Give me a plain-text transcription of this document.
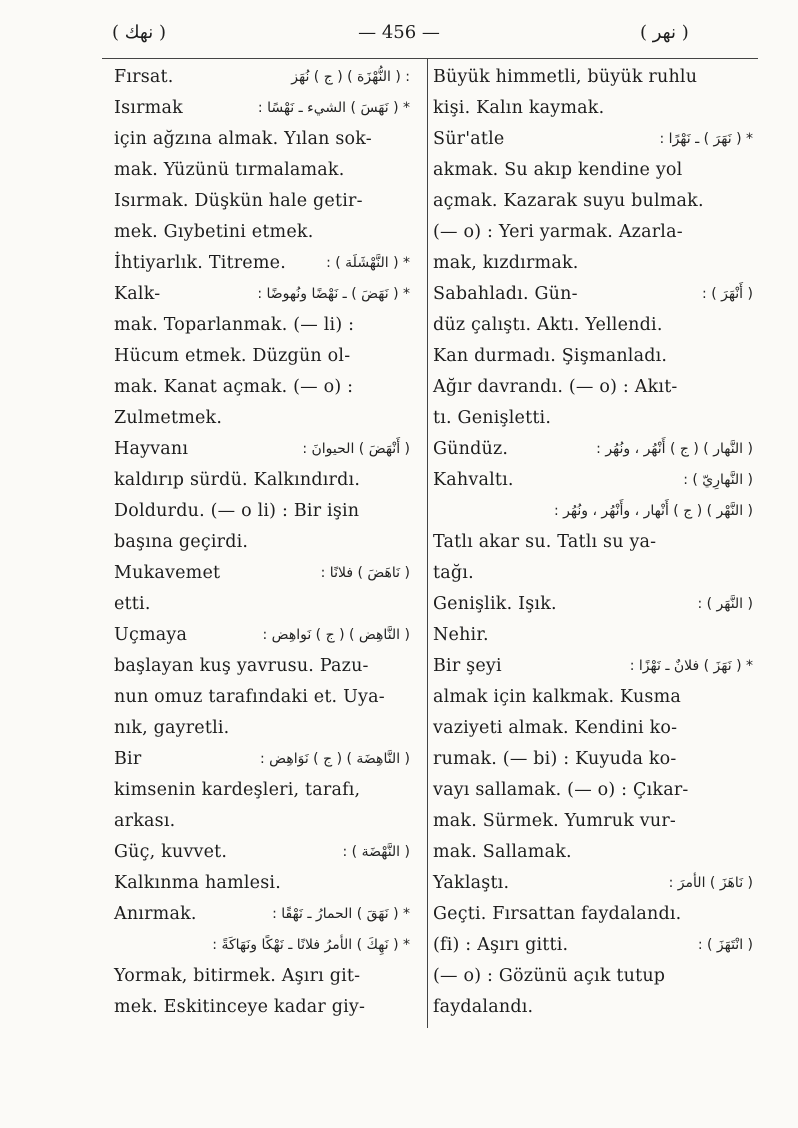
( نهك )	— 456 —	( نهر )
Fırsat.	: ( النُّهْزَة ) ( ج ) نُهَز
Isırmak	* ( نَهَسَ ) الشيء ـ نَهْسًا :
için ağzına almak. Yılan sok-
mak. Yüzünü tırmalamak.
Isırmak. Düşkün hale getir-
mek. Gıybetini etmek.
İhtiyarlık. Titreme.	* ( النَّهْشَلَة ) :
Kalk-	* ( نَهَضَ ) ـ نَهْضًا ونُهوضًا :
mak. Toparlanmak. (— li) :
Hücum etmek. Düzgün ol-
mak. Kanat açmak. (— o) :
Zulmetmek.
Hayvanı	( أَنْهَضَ ) الحيوانَ :
kaldırıp sürdü. Kalkındırdı.
Doldurdu. (— o li) : Bir işin
başına geçirdi.
Mukavemet	( نَاهَضَ ) فلانًا :
etti.
Uçmaya	( النَّاهِض ) ( ج ) نَواهِض :
başlayan kuş yavrusu. Pazu-
nun omuz tarafındaki et. Uya-
nık, gayretli.
Bir	( النَّاهِضَة ) ( ج ) نَوَاهِض :
kimsenin kardeşleri, tarafı,
arkası.
Güç, kuvvet.	( النَّهْضَة ) :
Kalkınma hamlesi.
Anırmak.	* ( نَهَقَ ) الحمارُ ـ نَهْقًا :
* ( نَهِكَ ) الأمرُ فلانًا ـ نَهْكًا ونَهَاكَةً :
Yormak, bitirmek. Aşırı git-
mek. Eskitinceye kadar giy-
Büyük himmetli, büyük ruhlu
kişi. Kalın kaymak.
Sür'atle	* ( نَهَرَ ) ـ نَهْرًا :
akmak. Su akıp kendine yol
açmak. Kazarak suyu bulmak.
(— o) : Yeri yarmak. Azarla-
mak, kızdırmak.
Sabahladı. Gün-	( أَنْهَرَ ) :
düz çalıştı. Aktı. Yellendi.
Kan durmadı. Şişmanladı.
Ağır davrandı. (— o) : Akıt-
tı. Genişletti.
Gündüz.	( النَّهار ) ( ج ) أَنْهُر ، ونُهُر :
Kahvaltı.	( النَّهارِيّ ) :
( النَّهْر ) ( ج ) أَنْهار ، وأَنْهُر ، ونُهُر :
Tatlı akar su. Tatlı su ya-
tağı.
Genişlik. Işık.	( النَّهَر ) :
Nehir.
Bir şeyi	* ( نَهَزَ ) فلانٌ ـ نَهْزًا :
almak için kalkmak. Kusma
vaziyeti almak. Kendini ko-
rumak. (— bi) : Kuyuda ko-
vayı sallamak. (— o) : Çıkar-
mak. Sürmek. Yumruk vur-
mak. Sallamak.
Yaklaştı.	( نَاهَزَ ) الأمرَ :
Geçti. Fırsattan faydalandı.
(fi) : Aşırı gitti.	( انْتَهَزَ ) :
(— o) : Gözünü açık tutup
faydalandı.
